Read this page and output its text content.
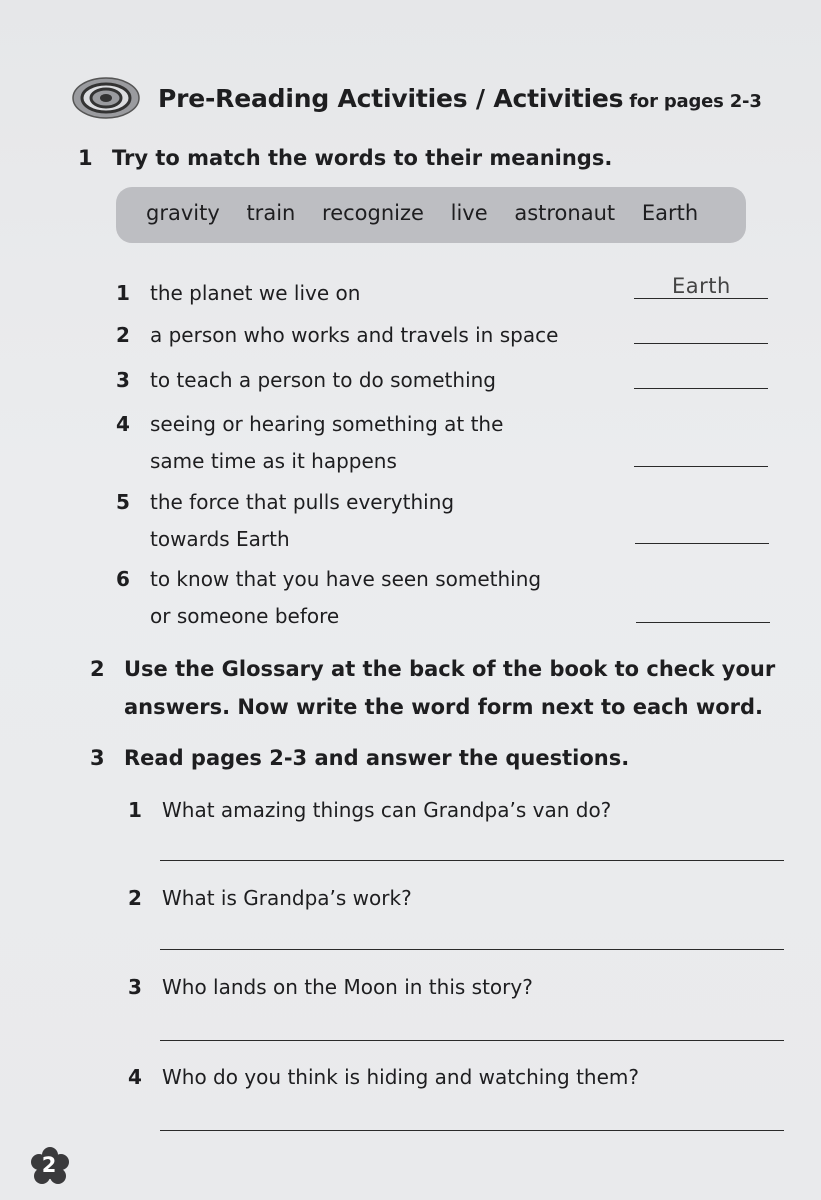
Pre-Reading Activities / Activities for pages 2-3
1 Try to match the words to their meanings.
gravity train recognize live astronaut Earth
1 the planet we live on	Earth
2 a person who works and travels in space
3 to teach a person to do something
4 seeing or hearing something at the
same time as it happens
5 the force that pulls everything
towards Earth
6 to know that you have seen something
or someone before
2 Use the Glossary at the back of the book to check your
answers. Now write the word form next to each word.
3 Read pages 2-3 and answer the questions.
1 What amazing things can Grandpa’s van do?
2 What is Grandpa’s work?
3 Who lands on the Moon in this story?
4 Who do you think is hiding and watching them?
2
